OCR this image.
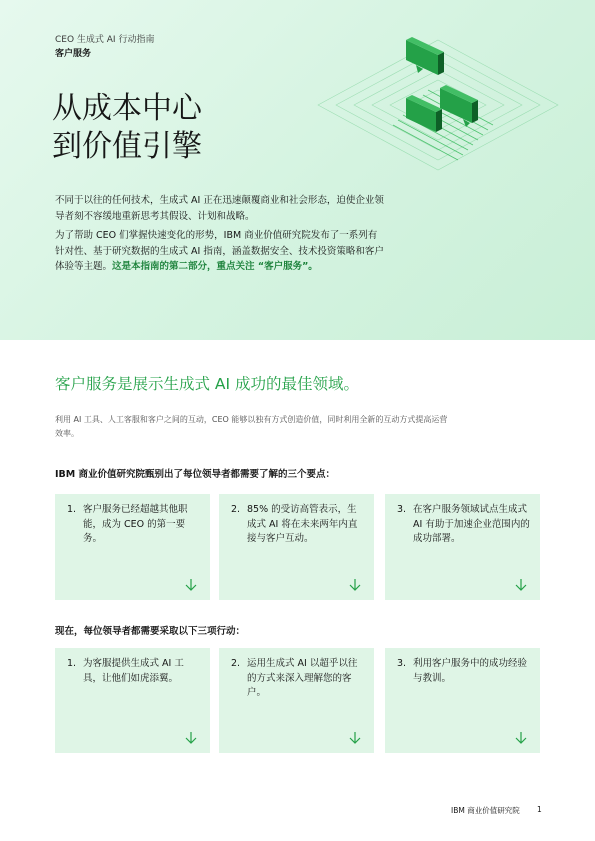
CEO 生成式 AI 行动指南
客户服务
从成本中心
到价值引擎

不同于以往的任何技术，生成式 AI 正在迅速颠覆商业和社会形态，迫使企业领导者刻不容缓地重新思考其假设、计划和战略。

为了帮助 CEO 们掌握快速变化的形势，IBM 商业价值研究院发布了一系列有针对性、基于研究数据的生成式 AI 指南，涵盖数据安全、技术投资策略和客户体验等主题。这是本指南的第二部分，重点关注 “客户服务”。

客户服务是展示生成式 AI 成功的最佳领域。
利用 AI 工具、人工客服和客户之间的互动，CEO 能够以独有方式创造价值，同时利用全新的互动方式提高运营效率。
IBM 商业价值研究院甄别出了每位领导者都需要了解的三个要点：
1. 客户服务已经超越其他职能，成为 CEO 的第一要务。
2. 85% 的受访高管表示，生成式 AI 将在未来两年内直接与客户互动。
3. 在客户服务领域试点生成式 AI 有助于加速企业范围内的成功部署。
现在，每位领导者都需要采取以下三项行动：
1. 为客服提供生成式 AI 工具，让他们如虎添翼。
2. 运用生成式 AI 以超乎以往的方式来深入理解您的客户。
3. 利用客户服务中的成功经验与教训。
IBM 商业价值研究院 1
